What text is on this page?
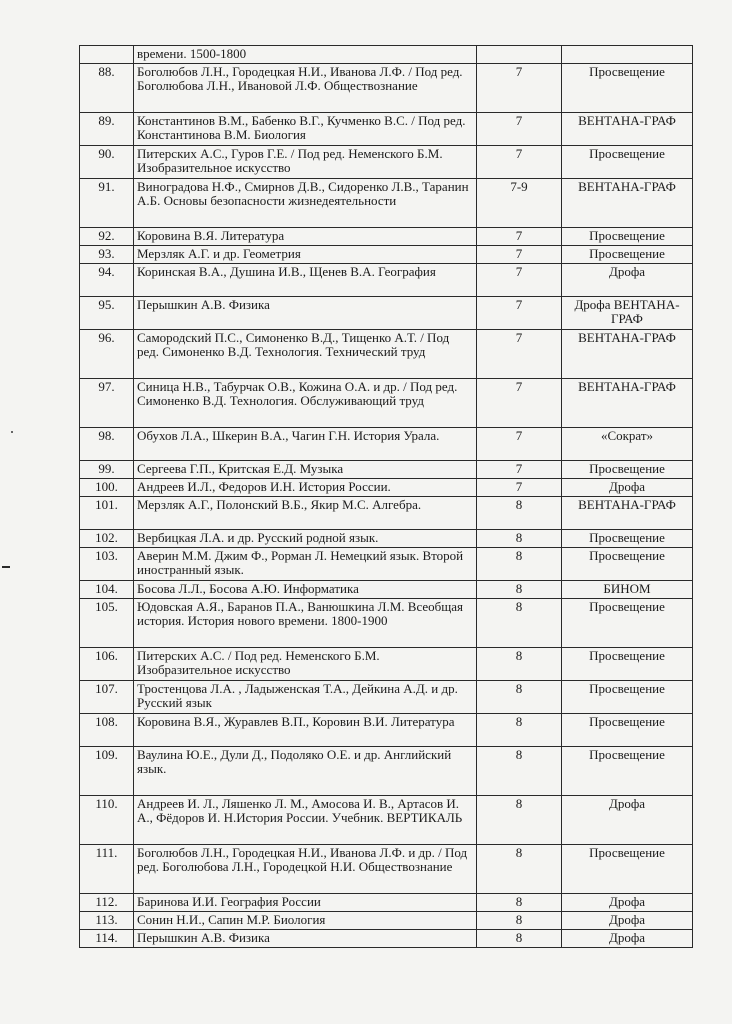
	времени. 1500-1800		
88.	Боголюбов Л.Н., Городецкая Н.И., Иванова Л.Ф. / Под ред. Боголюбова Л.Н., Ивановой Л.Ф. Обществознание	7	Просвещение
89.	Константинов В.М., Бабенко В.Г., Кучменко В.С. / Под ред. Константинова В.М. Биология	7	ВЕНТАНА-ГРАФ
90.	Питерских А.С., Гуров Г.Е. / Под ред. Неменского Б.М. Изобразительное искусство	7	Просвещение
91.	Виноградова Н.Ф., Смирнов Д.В., Сидоренко Л.В., Таранин А.Б. Основы безопасности жизнедеятельности	7-9	ВЕНТАНА-ГРАФ
92.	Коровина В.Я. Литература	7	Просвещение
93.	Мерзляк А.Г. и др. Геометрия	7	Просвещение
94.	Коринская В.А., Душина И.В., Щенев В.А. География	7	Дрофа
95.	Перышкин А.В. Физика	7	Дрофа ВЕНТАНА-ГРАФ
96.	Самородский П.С., Симоненко В.Д., Тищенко А.Т. / Под ред. Симоненко В.Д. Технология. Технический труд	7	ВЕНТАНА-ГРАФ
97.	Синица Н.В., Табурчак О.В., Кожина О.А. и др. / Под ред. Симоненко В.Д. Технология. Обслуживающий труд	7	ВЕНТАНА-ГРАФ
98.	Обухов Л.А., Шкерин В.А., Чагин Г.Н. История Урала.	7	«Сократ»
99.	Сергеева Г.П., Критская Е.Д. Музыка	7	Просвещение
100.	Андреев И.Л., Федоров И.Н. История России.	7	Дрофа
101.	Мерзляк А.Г., Полонский В.Б., Якир М.С. Алгебра.	8	ВЕНТАНА-ГРАФ
102.	Вербицкая Л.А. и др. Русский родной язык.	8	Просвещение
103.	Аверин М.М. Джим Ф., Рорман Л. Немецкий язык. Второй иностранный язык.	8	Просвещение
104.	Босова Л.Л., Босова А.Ю. Информатика	8	БИНОМ
105.	Юдовская А.Я., Баранов П.А., Ванюшкина Л.М. Всеобщая история. История нового времени. 1800-1900	8	Просвещение
106.	Питерских А.С. / Под ред. Неменского Б.М. Изобразительное искусство	8	Просвещение
107.	Тростенцова Л.А. , Ладыженская Т.А., Дейкина А.Д. и др. Русский язык	8	Просвещение
108.	Коровина В.Я., Журавлев В.П., Коровин В.И. Литература	8	Просвещение
109.	Ваулина Ю.Е., Дули Д., Подоляко О.Е. и др. Английский язык.	8	Просвещение
110.	Андреев И. Л., Ляшенко Л. М., Амосова И. В., Артасов И. А., Фёдоров И. Н.История России. Учебник. ВЕРТИКАЛЬ	8	Дрофа
111.	Боголюбов Л.Н., Городецкая Н.И., Иванова Л.Ф. и др. / Под ред. Боголюбова Л.Н., Городецкой Н.И. Обществознание	8	Просвещение
112.	Баринова И.И. География России	8	Дрофа
113.	Сонин Н.И., Сапин М.Р. Биология	8	Дрофа
114.	Перышкин А.В. Физика	8	Дрофа
